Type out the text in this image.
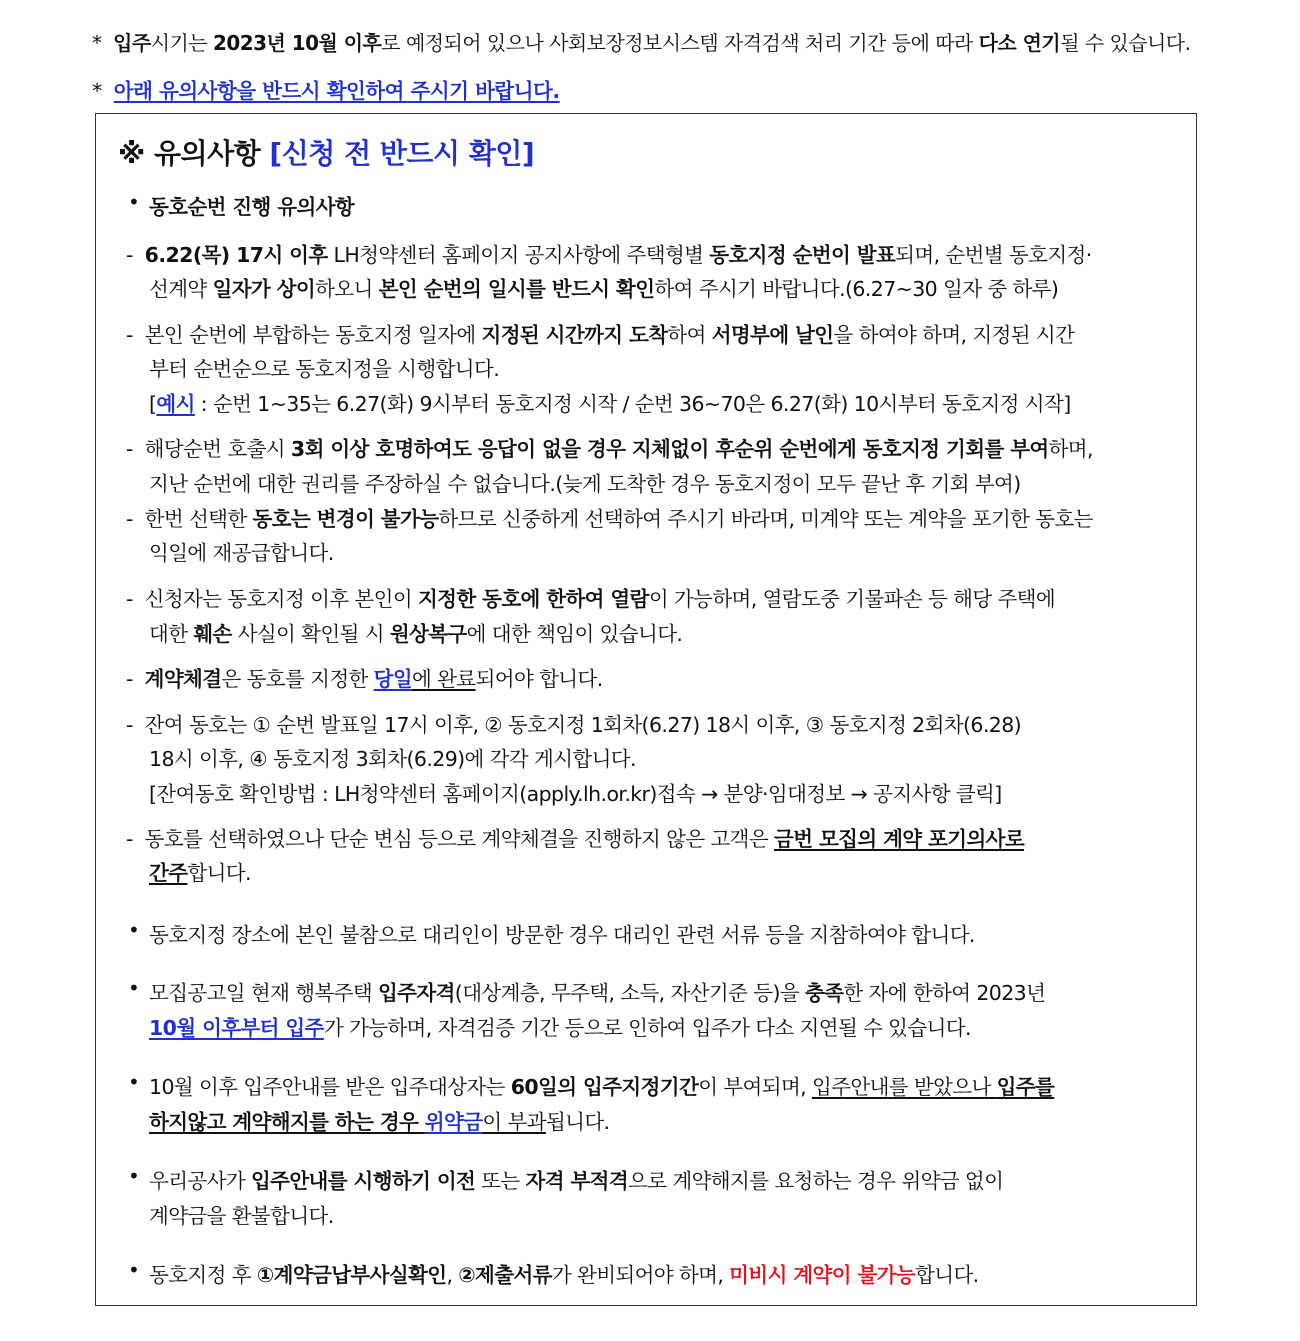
* 입주시기는 2023년 10월 이후로 예정되어 있으나 사회보장정보시스템 자격검색 처리 기간 등에 따라 다소 연기될 수 있습니다.
* 아래 유의사항을 반드시 확인하여 주시기 바랍니다.
※ 유의사항 [신청 전 반드시 확인]
• 동호순번 진행 유의사항
- 6.22(목) 17시 이후 LH청약센터 홈페이지 공지사항에 주택형별 동호지정 순번이 발표되며, 순번별 동호지정·
선계약 일자가 상이하오니 본인 순번의 일시를 반드시 확인하여 주시기 바랍니다.(6.27~30 일자 중 하루)
- 본인 순번에 부합하는 동호지정 일자에 지정된 시간까지 도착하여 서명부에 날인을 하여야 하며, 지정된 시간
부터 순번순으로 동호지정을 시행합니다.
[예시 : 순번 1~35는 6.27(화) 9시부터 동호지정 시작 / 순번 36~70은 6.27(화) 10시부터 동호지정 시작]
- 해당순번 호출시 3회 이상 호명하여도 응답이 없을 경우 지체없이 후순위 순번에게 동호지정 기회를 부여하며,
지난 순번에 대한 권리를 주장하실 수 없습니다.(늦게 도착한 경우 동호지정이 모두 끝난 후 기회 부여)
- 한번 선택한 동호는 변경이 불가능하므로 신중하게 선택하여 주시기 바라며, 미계약 또는 계약을 포기한 동호는
익일에 재공급합니다.
- 신청자는 동호지정 이후 본인이 지정한 동호에 한하여 열람이 가능하며, 열람도중 기물파손 등 해당 주택에
대한 훼손 사실이 확인될 시 원상복구에 대한 책임이 있습니다.
- 계약체결은 동호를 지정한 당일에 완료되어야 합니다.
- 잔여 동호는 ① 순번 발표일 17시 이후, ② 동호지정 1회차(6.27) 18시 이후, ③ 동호지정 2회차(6.28)
18시 이후, ④ 동호지정 3회차(6.29)에 각각 게시합니다.
[잔여동호 확인방법 : LH청약센터 홈페이지(apply.lh.or.kr)접속 → 분양·임대정보 → 공지사항 클릭]
- 동호를 선택하였으나 단순 변심 등으로 계약체결을 진행하지 않은 고객은 금번 모집의 계약 포기의사로
간주합니다.
• 동호지정 장소에 본인 불참으로 대리인이 방문한 경우 대리인 관련 서류 등을 지참하여야 합니다.
• 모집공고일 현재 행복주택 입주자격(대상계층, 무주택, 소득, 자산기준 등)을 충족한 자에 한하여 2023년
10월 이후부터 입주가 가능하며, 자격검증 기간 등으로 인하여 입주가 다소 지연될 수 있습니다.
• 10월 이후 입주안내를 받은 입주대상자는 60일의 입주지정기간이 부여되며, 입주안내를 받았으나 입주를
하지않고 계약해지를 하는 경우 위약금이 부과됩니다.
• 우리공사가 입주안내를 시행하기 이전 또는 자격 부적격으로 계약해지를 요청하는 경우 위약금 없이
계약금을 환불합니다.
• 동호지정 후 ①계약금납부사실확인, ②제출서류가 완비되어야 하며, 미비시 계약이 불가능합니다.
